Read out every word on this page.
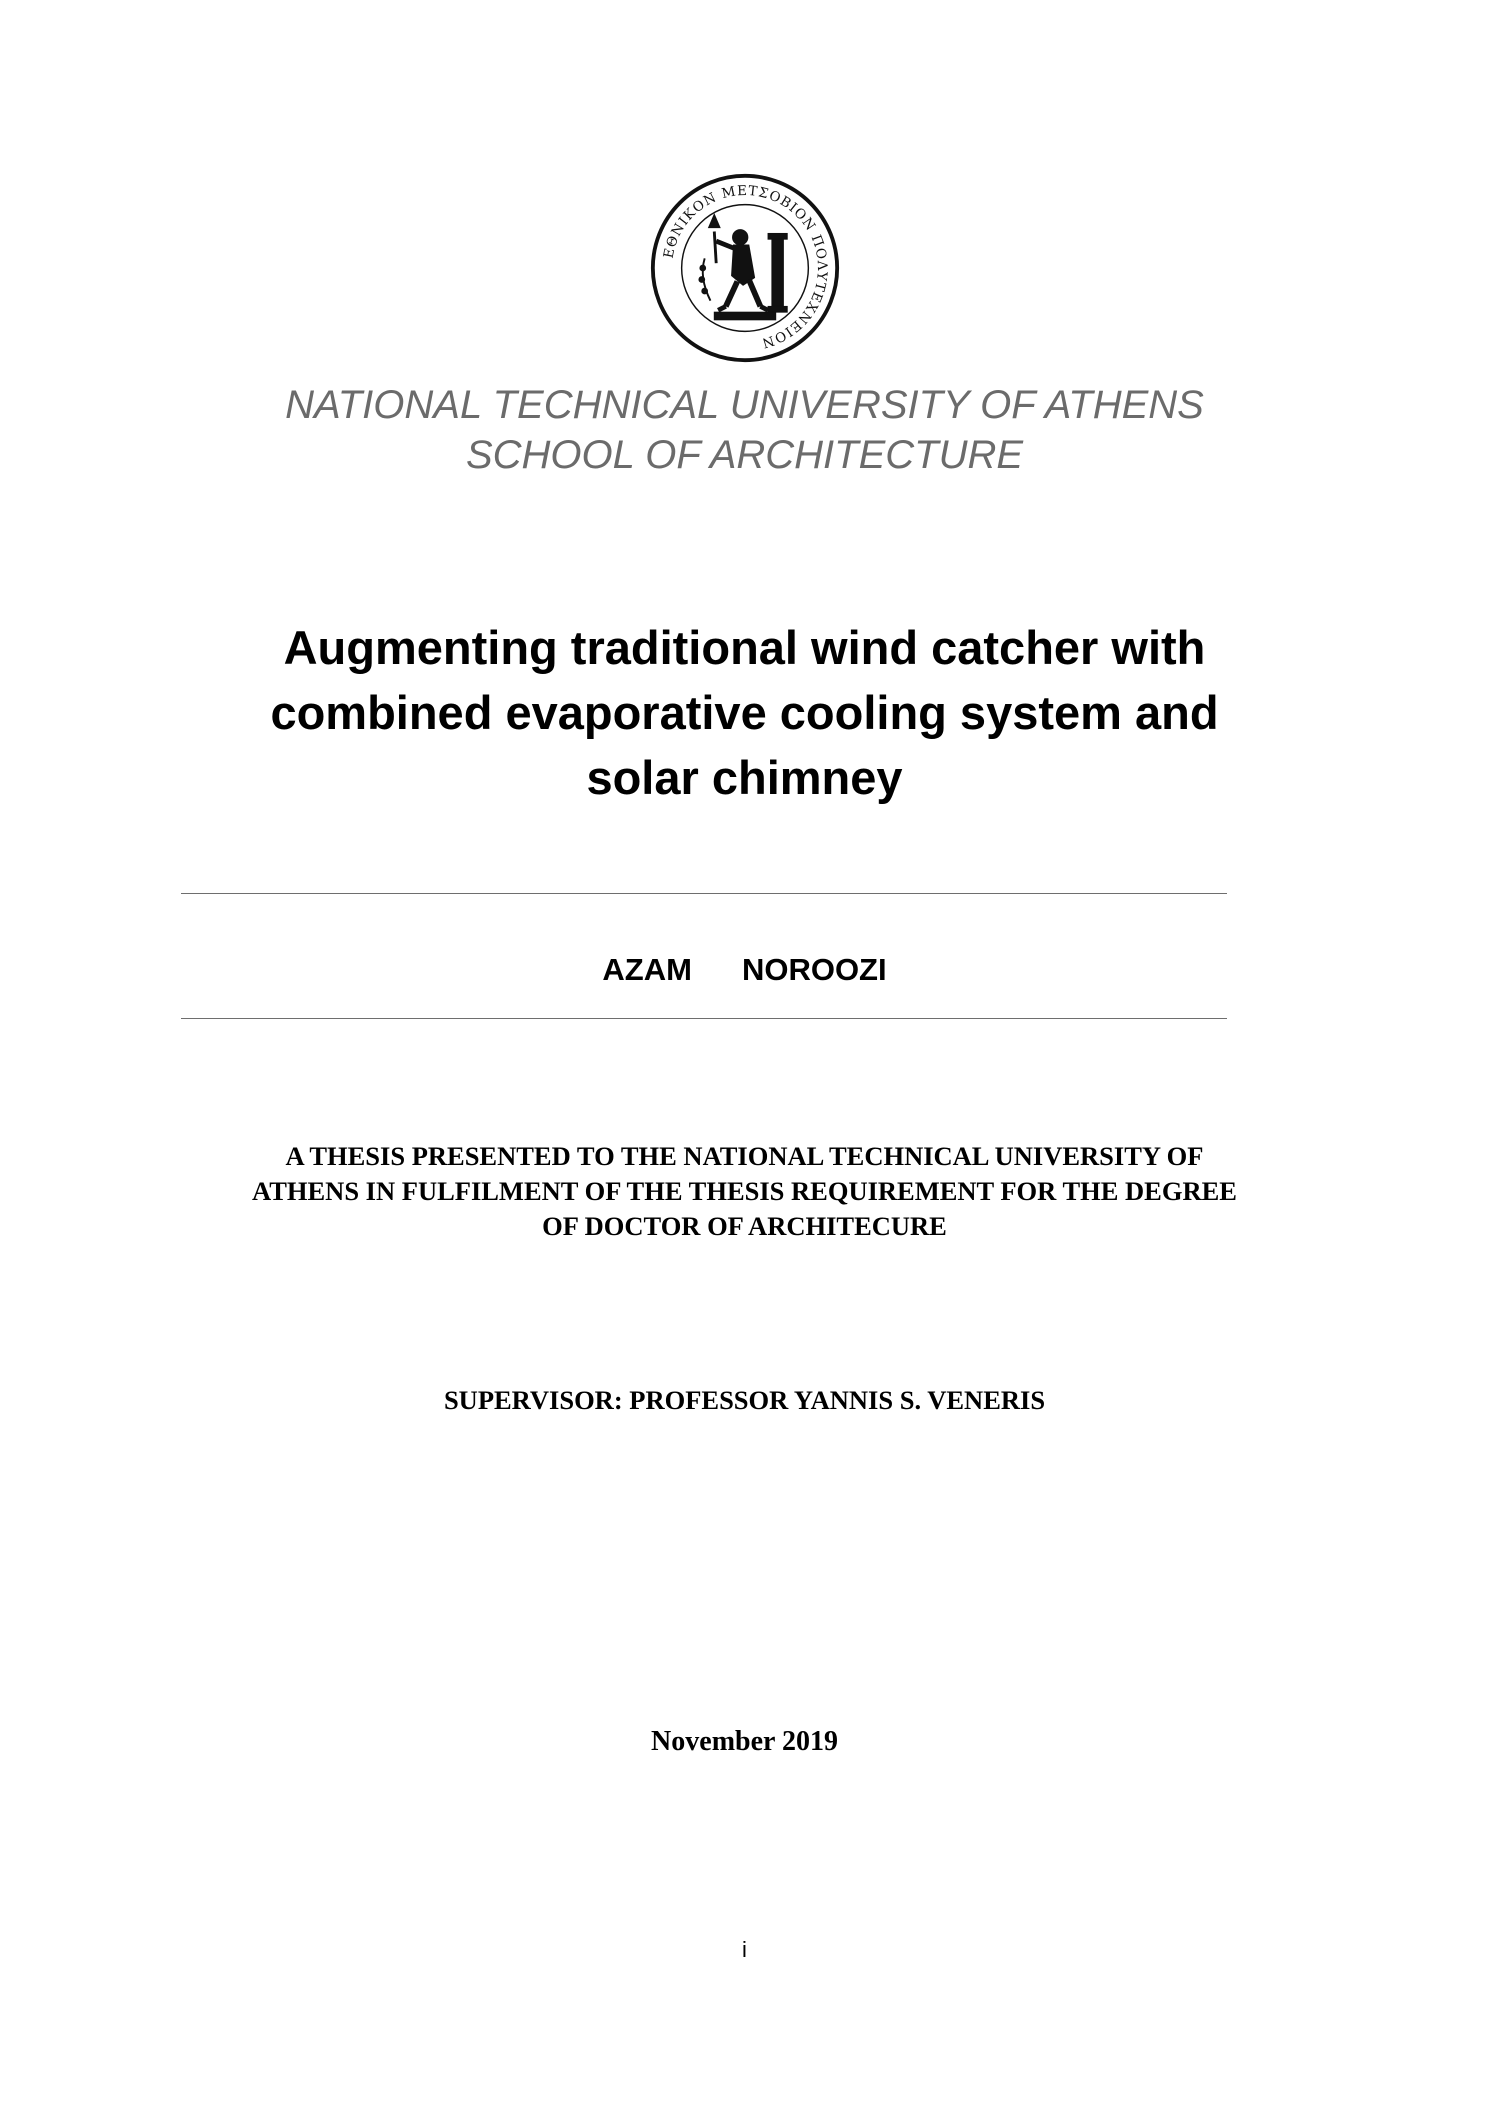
ΕΘΝΙΚΟΝ ΜΕΤΣΟΒΙΟΝ ΠΟΛΥΤΕΧΝΕΙΟΝ
NATIONAL TECHNICAL UNIVERSITY OF ATHENS
SCHOOL OF ARCHITECTURE
Augmenting traditional wind catcher with
combined evaporative cooling system and
solar chimney
AZAM NOROOZI
A THESIS PRESENTED TO THE NATIONAL TECHNICAL UNIVERSITY OF
ATHENS IN FULFILMENT OF THE THESIS REQUIREMENT FOR THE DEGREE
OF DOCTOR OF ARCHITECURE
SUPERVISOR: PROFESSOR YANNIS S. VENERIS
November 2019
i
